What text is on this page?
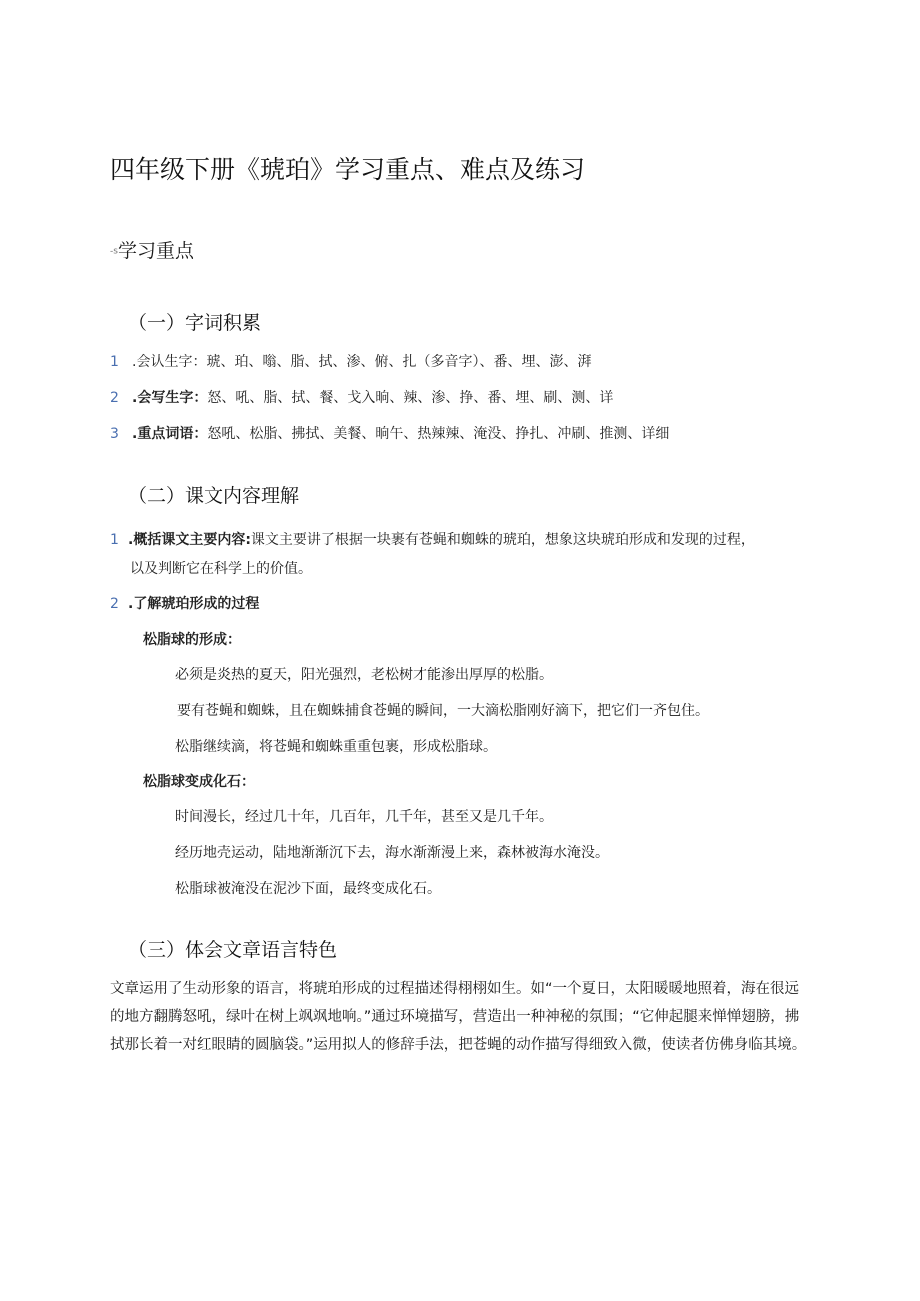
四年级下册《琥珀》学习重点、难点及练习
-s学习重点
（一）字词积累
1 .会认生字：琥、珀、嗡、脂、拭、渗、俯、扎（多音字）、番、埋、澎、湃
2 .会写生字：怒、吼、脂、拭、餐、戈入晌、辣、渗、挣、番、埋、刷、测、详
3 .重点词语：怒吼、松脂、拂拭、美餐、晌午、热辣辣、淹没、挣扎、冲刷、推测、详细
（二）课文内容理解
1 .概括课文主要内容:课文主要讲了根据一块裹有苍蝇和蜘蛛的琥珀，想象这块琥珀形成和发现的过程，
以及判断它在科学上的价值。
2 .了解琥珀形成的过程
松脂球的形成：
必须是炎热的夏天，阳光强烈，老松树才能渗出厚厚的松脂。
要有苍蝇和蜘蛛，且在蜘蛛捕食苍蝇的瞬间，一大滴松脂刚好滴下，把它们一齐包住。
松脂继续滴，将苍蝇和蜘蛛重重包裹，形成松脂球。
松脂球变成化石：
时间漫长，经过几十年，几百年，几千年，甚至又是几千年。
经历地壳运动，陆地渐渐沉下去，海水渐渐漫上来，森林被海水淹没。
松脂球被淹没在泥沙下面，最终变成化石。
（三）体会文章语言特色
文章运用了生动形象的语言，将琥珀形成的过程描述得栩栩如生。如“一个夏日，太阳暖暖地照着，海在很远的地方翻腾怒吼，绿叶在树上飒飒地响。”通过环境描写，营造出一种神秘的氛围；“它伸起腿来惮惮翅膀，拂拭那长着一对红眼睛的圆脑袋。”运用拟人的修辞手法，把苍蝇的动作描写得细致入微，使读者仿佛身临其境。
